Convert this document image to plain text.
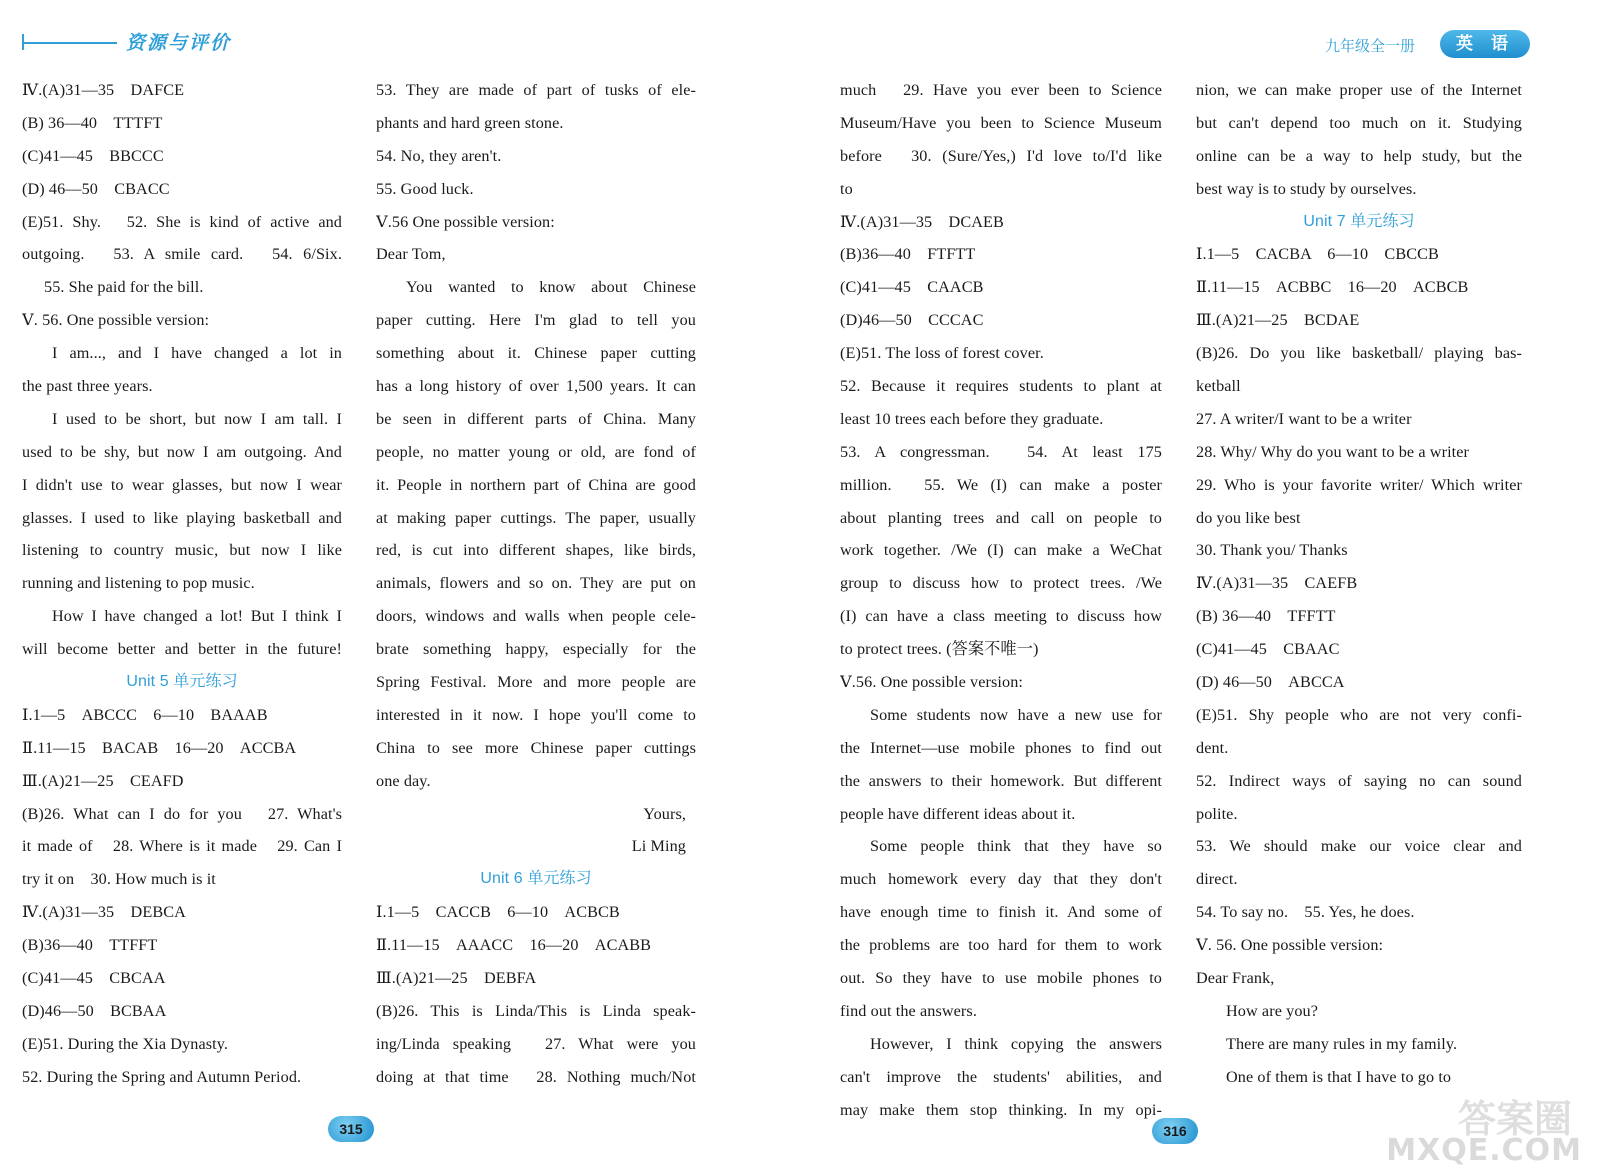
资源与评价
Ⅳ.(A)31—35　DAFCE
(B) 36—40　TTTFT
(C)41—45　BBCCC
(D) 46—50　CBACC
(E)51. Shy.　52. She is kind of active and
outgoing.　53. A smile card.　54. 6/Six.
55. She paid for the bill.
Ⅴ. 56. One possible version:
I am..., and I have changed a lot in
the past three years.
I used to be short, but now I am tall. I
used to be shy, but now I am outgoing. And
I didn't use to wear glasses, but now I wear
glasses. I used to like playing basketball and
listening to country music, but now I like
running and listening to pop music.
How I have changed a lot! But I think I
will become better and better in the future!
Unit 5 单元练习
Ⅰ.1—5　ABCCC　6—10　BAAAB
Ⅱ.11—15　BACAB　16—20　ACCBA
Ⅲ.(A)21—25　CEAFD
(B)26. What can I do for you　27. What's
it made of　28. Where is it made　29. Can I
try it on　30. How much is it
Ⅳ.(A)31—35　DEBCA
(B)36—40　TTFFT
(C)41—45　CBCAA
(D)46—50　BCBAA
(E)51. During the Xia Dynasty.
52. During the Spring and Autumn Period.
53. They are made of part of tusks of ele-
phants and hard green stone.
54. No, they aren't.
55. Good luck.
Ⅴ.56 One possible version:
Dear Tom,
You wanted to know about Chinese
paper cutting. Here I'm glad to tell you
something about it. Chinese paper cutting
has a long history of over 1,500 years. It can
be seen in different parts of China. Many
people, no matter young or old, are fond of
it. People in northern part of China are good
at making paper cuttings. The paper, usually
red, is cut into different shapes, like birds,
animals, flowers and so on. They are put on
doors, windows and walls when people cele-
brate something happy, especially for the
Spring Festival. More and more people are
interested in it now. I hope you'll come to
China to see more Chinese paper cuttings
one day.
Yours,
Li Ming
Unit 6 单元练习
Ⅰ.1—5　CACCB　6—10　ACBCB
Ⅱ.11—15　AAACC　16—20　ACABB
Ⅲ.(A)21—25　DEBFA
(B)26. This is Linda/This is Linda speak-
ing/Linda speaking　27. What were you
doing at that time　28. Nothing much/Not
315
九年级全一册	英 语
much　29. Have you ever been to Science
Museum/Have you been to Science Museum
before　30. (Sure/Yes,) I'd love to/I'd like
to
Ⅳ.(A)31—35　DCAEB
(B)36—40　FTFTT
(C)41—45　CAACB
(D)46—50　CCCAC
(E)51. The loss of forest cover.
52. Because it requires students to plant at
least 10 trees each before they graduate.
53. A congressman.　54. At least 175
million.　55. We (I) can make a poster
about planting trees and call on people to
work together. /We (I) can make a WeChat
group to discuss how to protect trees. /We
(I) can have a class meeting to discuss how
to protect trees. (答案不唯一)
Ⅴ.56. One possible version:
Some students now have a new use for
the Internet—use mobile phones to find out
the answers to their homework. But different
people have different ideas about it.
Some people think that they have so
much homework every day that they don't
have enough time to finish it. And some of
the problems are too hard for them to work
out. So they have to use mobile phones to
find out the answers.
However, I think copying the answers
can't improve the students' abilities, and
may make them stop thinking. In my opi-
nion, we can make proper use of the Internet
but can't depend too much on it. Studying
online can be a way to help study, but the
best way is to study by ourselves.
Unit 7 单元练习
Ⅰ.1—5　CACBA　6—10　CBCCB
Ⅱ.11—15　ACBBC　16—20　ACBCB
Ⅲ.(A)21—25　BCDAE
(B)26. Do you like basketball/ playing bas-
ketball
27. A writer/I want to be a writer
28. Why/ Why do you want to be a writer
29. Who is your favorite writer/ Which writer
do you like best
30. Thank you/ Thanks
Ⅳ.(A)31—35　CAEFB
(B) 36—40　TFFTT
(C)41—45　CBAAC
(D) 46—50　ABCCA
(E)51. Shy people who are not very confi-
dent.
52. Indirect ways of saying no can sound
polite.
53. We should make our voice clear and
direct.
54. To say no.　55. Yes, he does.
Ⅴ. 56. One possible version:
Dear Frank,
How are you?
There are many rules in my family.
One of them is that I have to go to
316	答案圈
MXQE.COM
